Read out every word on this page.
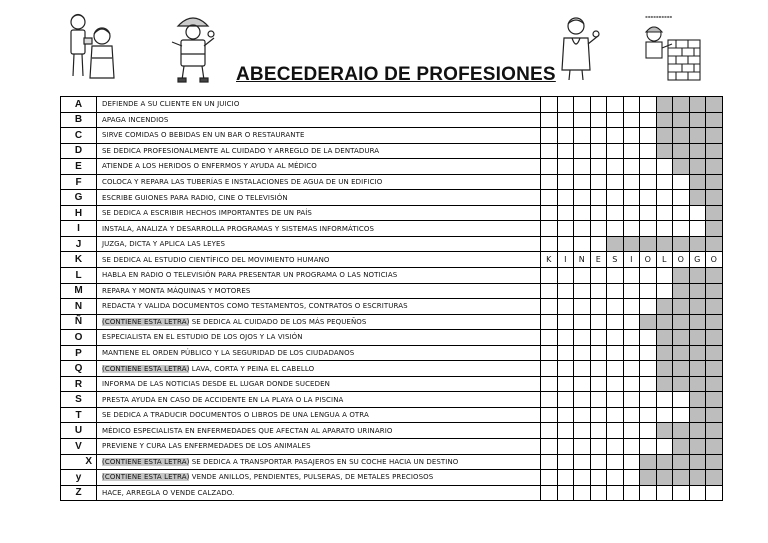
▪▪▪▪▪▪▪▪▪▪
ABECEDERAIO DE PROFESIONES
A	DEFIENDE A SU CLIENTE EN UN JUICIO											
B	APAGA INCENDIOS											
C	SIRVE COMIDAS O BEBIDAS EN UN BAR O RESTAURANTE											
D	SE DEDICA PROFESIONALMENTE AL CUIDADO Y ARREGLO DE LA DENTADURA											
E	ATIENDE A LOS HERIDOS O ENFERMOS Y AYUDA AL MÉDICO											
F	COLOCA Y REPARA LAS TUBERÍAS E INSTALACIONES DE AGUA DE UN EDIFICIO											
G	ESCRIBE GUIONES PARA RADIO, CINE O TELEVISIÓN											
H	SE DEDICA A ESCRIBIR HECHOS IMPORTANTES DE UN PAÍS											
I	INSTALA, ANALIZA Y DESARROLLA PROGRAMAS Y SISTEMAS INFORMÁTICOS											
J	JUZGA, DICTA Y APLICA LAS LEYES											
K	SE DEDICA AL ESTUDIO CIENTÍFICO DEL MOVIMIENTO HUMANO	K	I	N	E	S	I	O	L	O	G	O
L	HABLA EN RADIO O TELEVISIÓN PARA PRESENTAR UN PROGRAMA O LAS NOTICIAS											
M	REPARA Y MONTA MÁQUINAS Y MOTORES											
N	REDACTA Y VALIDA DOCUMENTOS COMO TESTAMENTOS, CONTRATOS O ESCRITURAS											
Ñ	(CONTIENE ESTA LETRA) SE DEDICA AL CUIDADO DE LOS MÁS PEQUEÑOS											
O	ESPECIALISTA EN EL ESTUDIO DE LOS OJOS Y LA VISIÓN											
P	MANTIENE EL ORDEN PÚBLICO Y LA SEGURIDAD DE LOS CIUDADANOS											
Q	(CONTIENE ESTA LETRA) LAVA, CORTA Y PEINA EL CABELLO											
R	INFORMA DE LAS NOTICIAS DESDE EL LUGAR DONDE SUCEDEN											
S	PRESTA AYUDA EN CASO DE ACCIDENTE EN LA PLAYA O LA PISCINA											
T	SE DEDICA A TRADUCIR DOCUMENTOS O LIBROS DE UNA LENGUA A OTRA											
U	MÉDICO ESPECIALISTA EN ENFERMEDADES QUE AFECTAN AL APARATO URINARIO											
V	PREVIENE Y CURA LAS ENFERMEDADES DE LOS ANIMALES											
X	(CONTIENE ESTA LETRA) SE DEDICA A TRANSPORTAR PASAJEROS EN SU COCHE HACIA UN DESTINO											
y	(CONTIENE ESTA LETRA) VENDE ANILLOS, PENDIENTES, PULSERAS, DE METALES PRECIOSOS											
Z	HACE, ARREGLA O VENDE CALZADO.											
